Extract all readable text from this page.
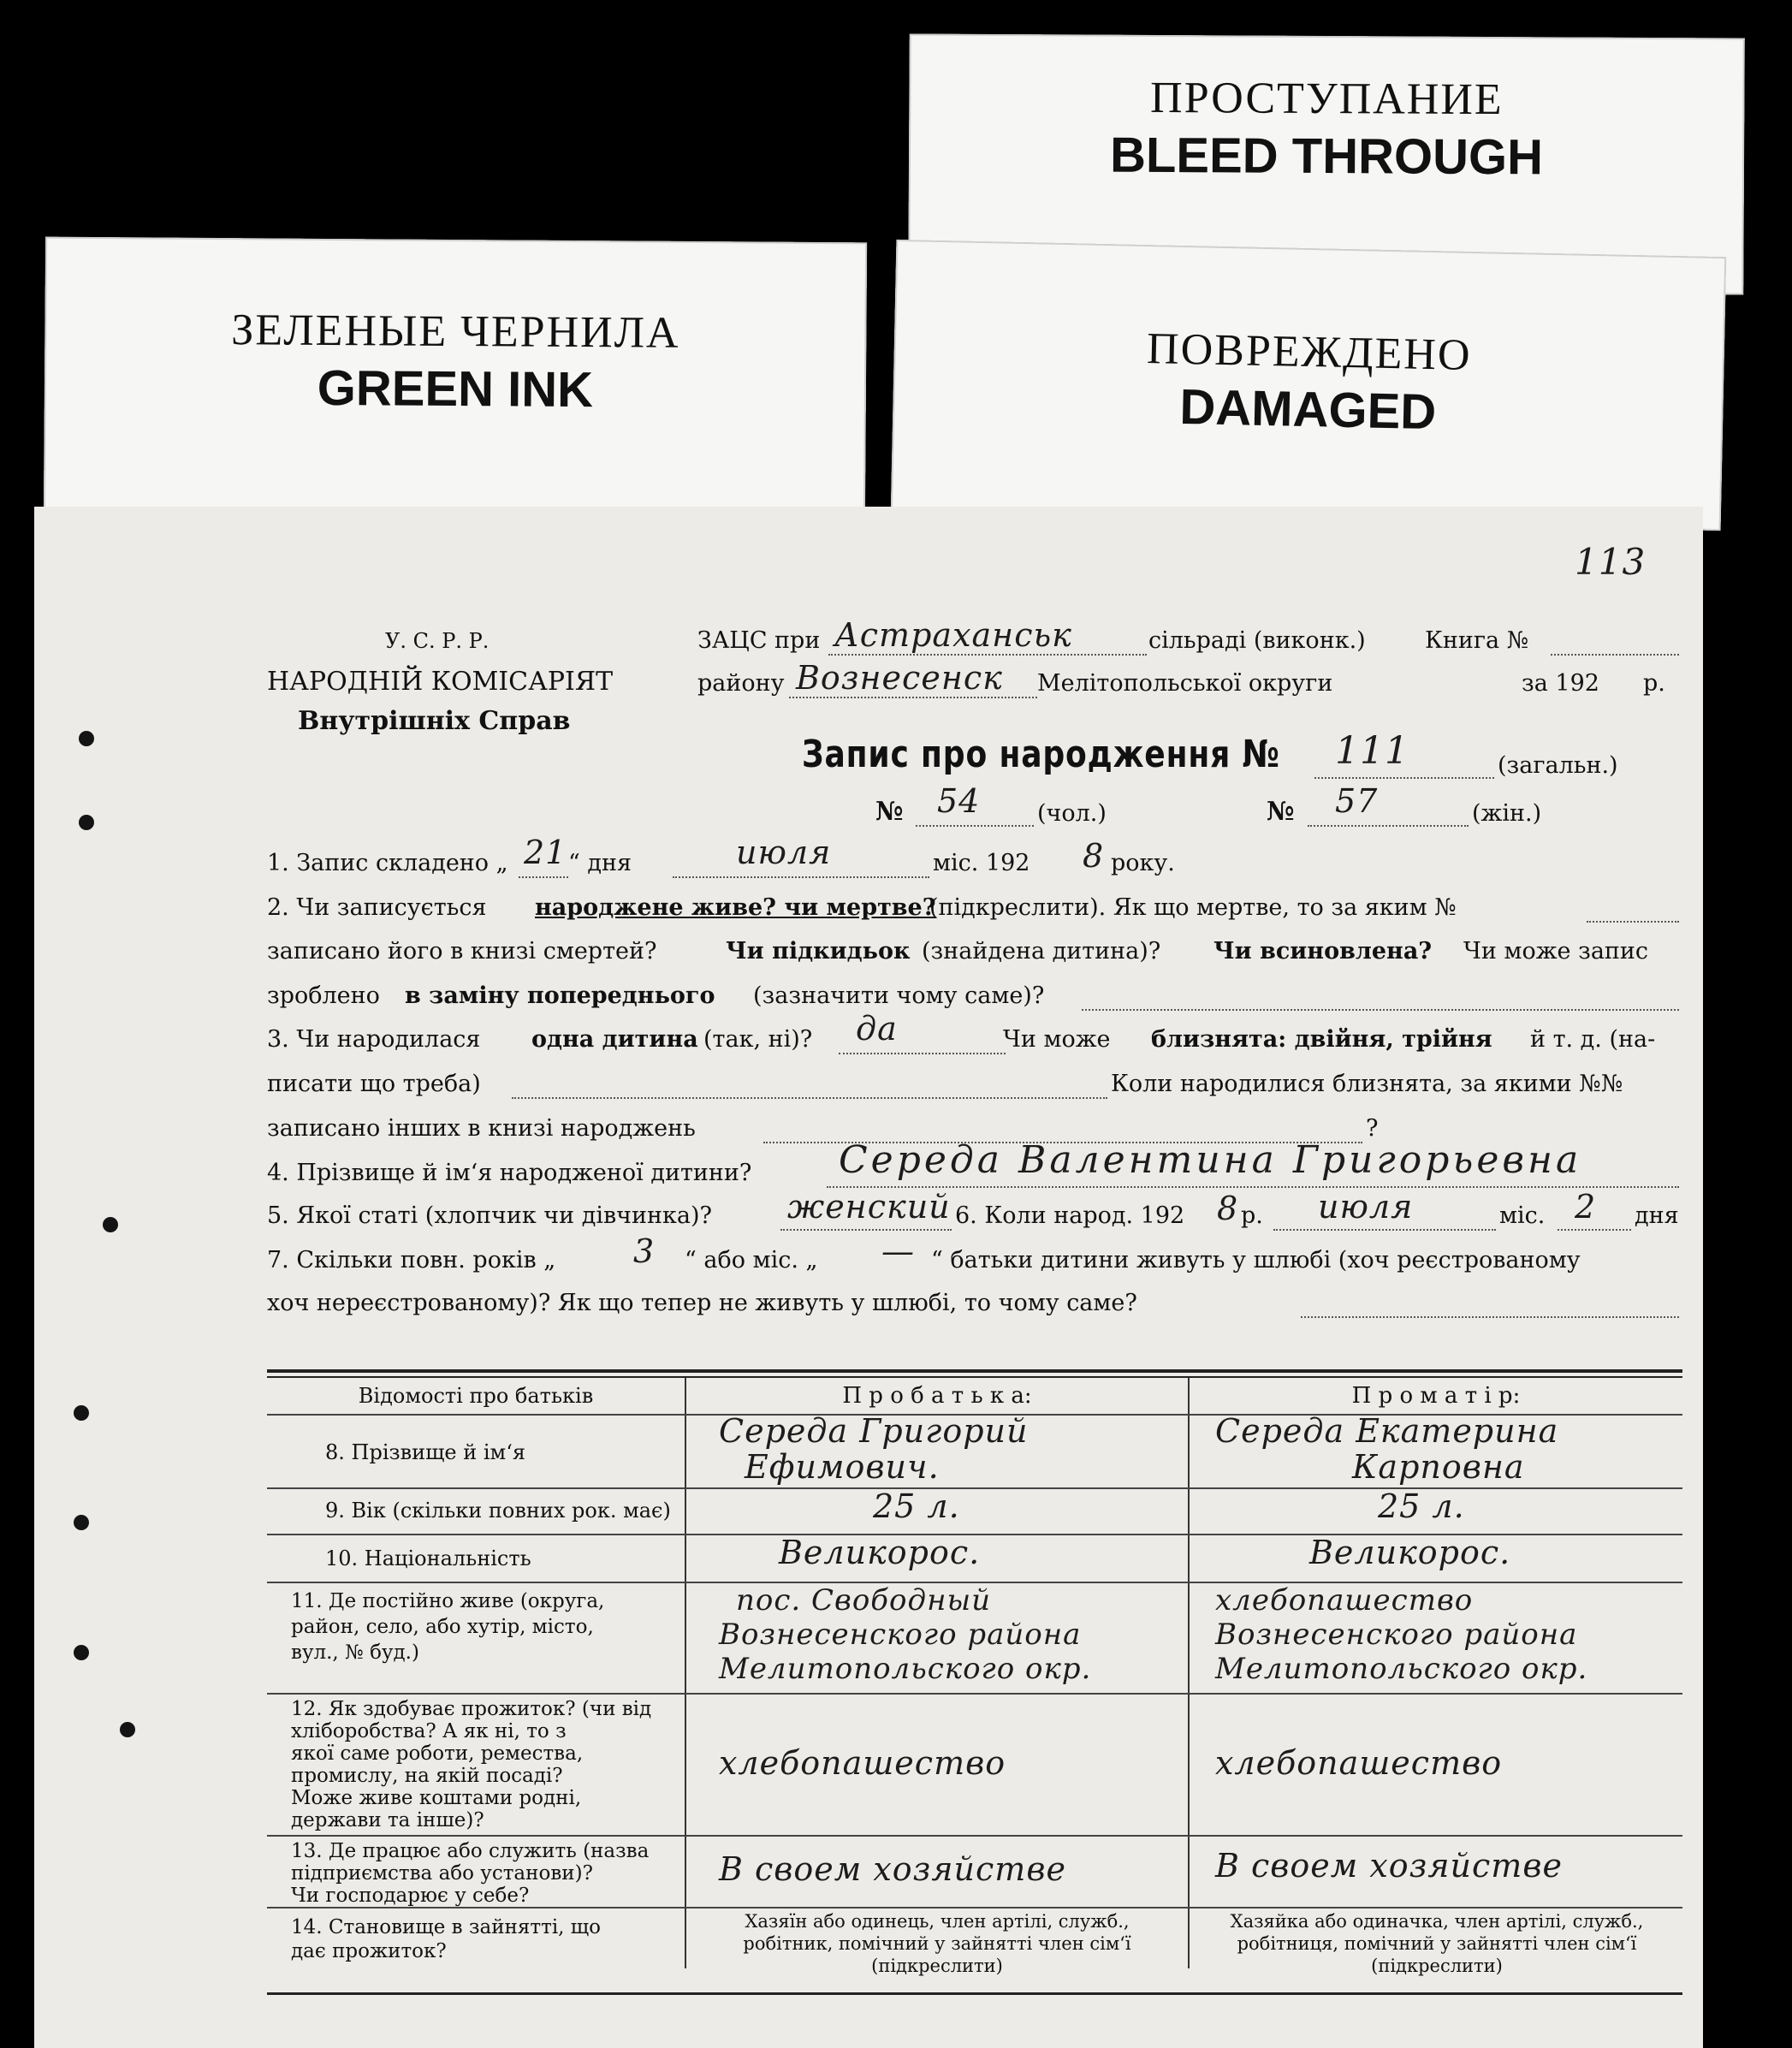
ПРОСТУПАНИЕ
BLEED THROUGH
ЗЕЛЕНЫЕ ЧЕРНИЛА
GREEN INK
ПОВРЕЖДЕНО
DAMAGED
113
У. С. Р. Р.
НАРОДНІЙ КОМІСАРІЯТ
Внутрішніх Справ
ЗАЦС при Астраханськ	сільраді (виконк.)	Книга №
району Вознесенск Мелітопольської округи	за 192 р.
Запис про народження № 111	(загальн.)
№ 54 (чол.)	№ 57	(жін.)
1. Запис складено „ 21 “ дня	июля	міс. 192 8 року.
2. Чи записується народжене живе? чи мертве?
(підкреслити). Як що мертве, то за яким №
записано його в книзі смертей?	Чи підкидьок (знайдена дитина)? Чи всиновлена? Чи може запис
зроблено в заміну попереднього (зазначити чому саме)?
3. Чи народилася одна дитина (так, ні)? да	Чи може близнята: двійня, трійня й т. д. (на-
писати що треба)	Коли народилися близнята, за якими №№
записано інших в книзі народжень	?
4. Прізвище й ім‘я народженої дитини? Середа Валентина Григорьевна
5. Якої статі (хлопчик чи дівчинка)? женский 6. Коли народ. 192 8 р. июля	міс. 2 дня
7. Скільки повн. років „ 3 “ або міс. „ — “ батьки дитини живуть у шлюбі (хоч реєстрованому
хоч нереєстрованому)? Як що тепер не живуть у шлюбі, то чому саме?
Відомості про батьків	П р о б а т ь к а:	П р о м а т і р:
8. Прізвище й ім‘я
Середа Григорий
Ефимович.
Середа Екатерина
Карповна
9. Вік (скільки повних рок. має)	25 л.	25 л.
10. Національність	Великорос.	Великорос.
11. Де постійно живе (округа,
район, село, або хутір, місто,
вул., № буд.)
пос. Свободный
Вознесенского района
Мелитопольского окр.
хлебопашество
Вознесенского района
Мелитопольского окр.
12. Як здобуває прожиток? (чи від
хліборобства? А як ні, то з
якої саме роботи, ремества,
промислу, на якій посаді?
Може живе коштами родні,
держави та інше)?
хлебопашество	хлебопашество
13. Де працює або служить (назва
підприємства або установи)?
Чи господарює у себе?
В своем хозяйстве	В своем хозяйстве
14. Становище в зайнятті, що
дає прожиток?
Хазяїн або одинець, член артілі, служб.,
робітник, помічний у зайнятті член сім‘ї
(підкреслити)
Хазяйка або одиначка, член артілі, служб.,
робітниця, помічний у зайнятті член сім‘ї
(підкреслити)
